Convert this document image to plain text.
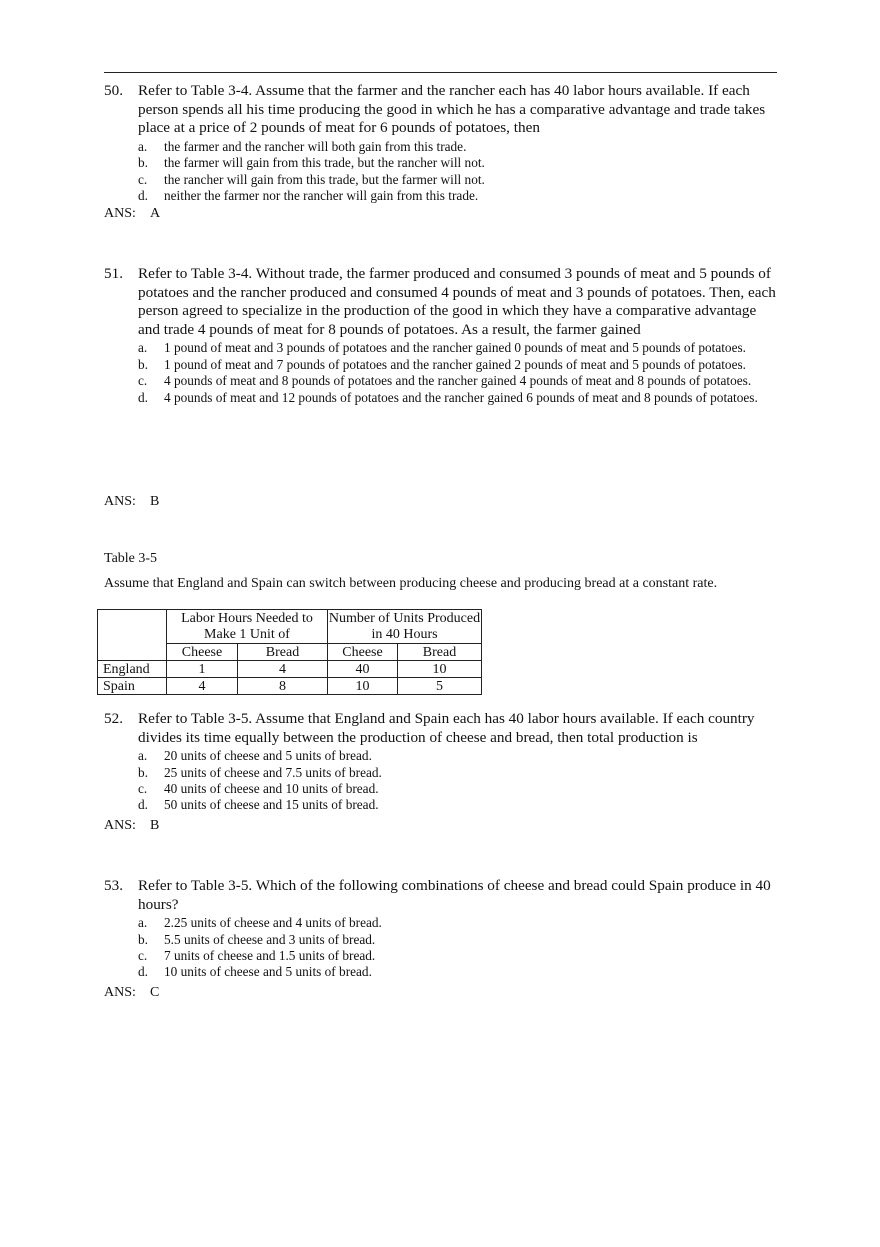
50. Refer to Table 3-4. Assume that the farmer and the rancher each has 40 labor hours available. If each person spends all his time producing the good in which he has a comparative advantage and trade takes place at a price of 2 pounds of meat for 6 pounds of potatoes, then
a.	the farmer and the rancher will both gain from this trade.
b.	the farmer will gain from this trade, but the rancher will not.
c.	the rancher will gain from this trade, but the farmer will not.
d.	neither the farmer nor the rancher will gain from this trade.
ANS: A
51. Refer to Table 3-4. Without trade, the farmer produced and consumed 3 pounds of meat and 5 pounds of potatoes and the rancher produced and consumed 4 pounds of meat and 3 pounds of potatoes. Then, each person agreed to specialize in the production of the good in which they have a comparative advantage and trade 4 pounds of meat for 8 pounds of potatoes. As a result, the farmer gained
a.	1 pound of meat and 3 pounds of potatoes and the rancher gained 0 pounds of meat and 5 pounds of potatoes.
b.	1 pound of meat and 7 pounds of potatoes and the rancher gained 2 pounds of meat and 5 pounds of potatoes.
c.	4 pounds of meat and 8 pounds of potatoes and the rancher gained 4 pounds of meat and 8 pounds of potatoes.
d.	4 pounds of meat and 12 pounds of potatoes and the rancher gained 6 pounds of meat and 8 pounds of potatoes.
ANS: B
Table 3-5
Assume that England and Spain can switch between producing cheese and producing bread at a constant rate.
	Labor Hours Needed to Make 1 Unit of		Number of Units Produced in 40 Hours	
	Cheese	Bread	Cheese	Bread
England	1	4	40	10
Spain	4	8	10	5
52. Refer to Table 3-5. Assume that England and Spain each has 40 labor hours available. If each country divides its time equally between the production of cheese and bread, then total production is
a.	20 units of cheese and 5 units of bread.
b.	25 units of cheese and 7.5 units of bread.
c.	40 units of cheese and 10 units of bread.
d.	50 units of cheese and 15 units of bread.
ANS: B
53. Refer to Table 3-5. Which of the following combinations of cheese and bread could Spain produce in 40 hours?
a.	2.25 units of cheese and 4 units of bread.
b.	5.5 units of cheese and 3 units of bread.
c.	7 units of cheese and 1.5 units of bread.
d.	10 units of cheese and 5 units of bread.
ANS: C
